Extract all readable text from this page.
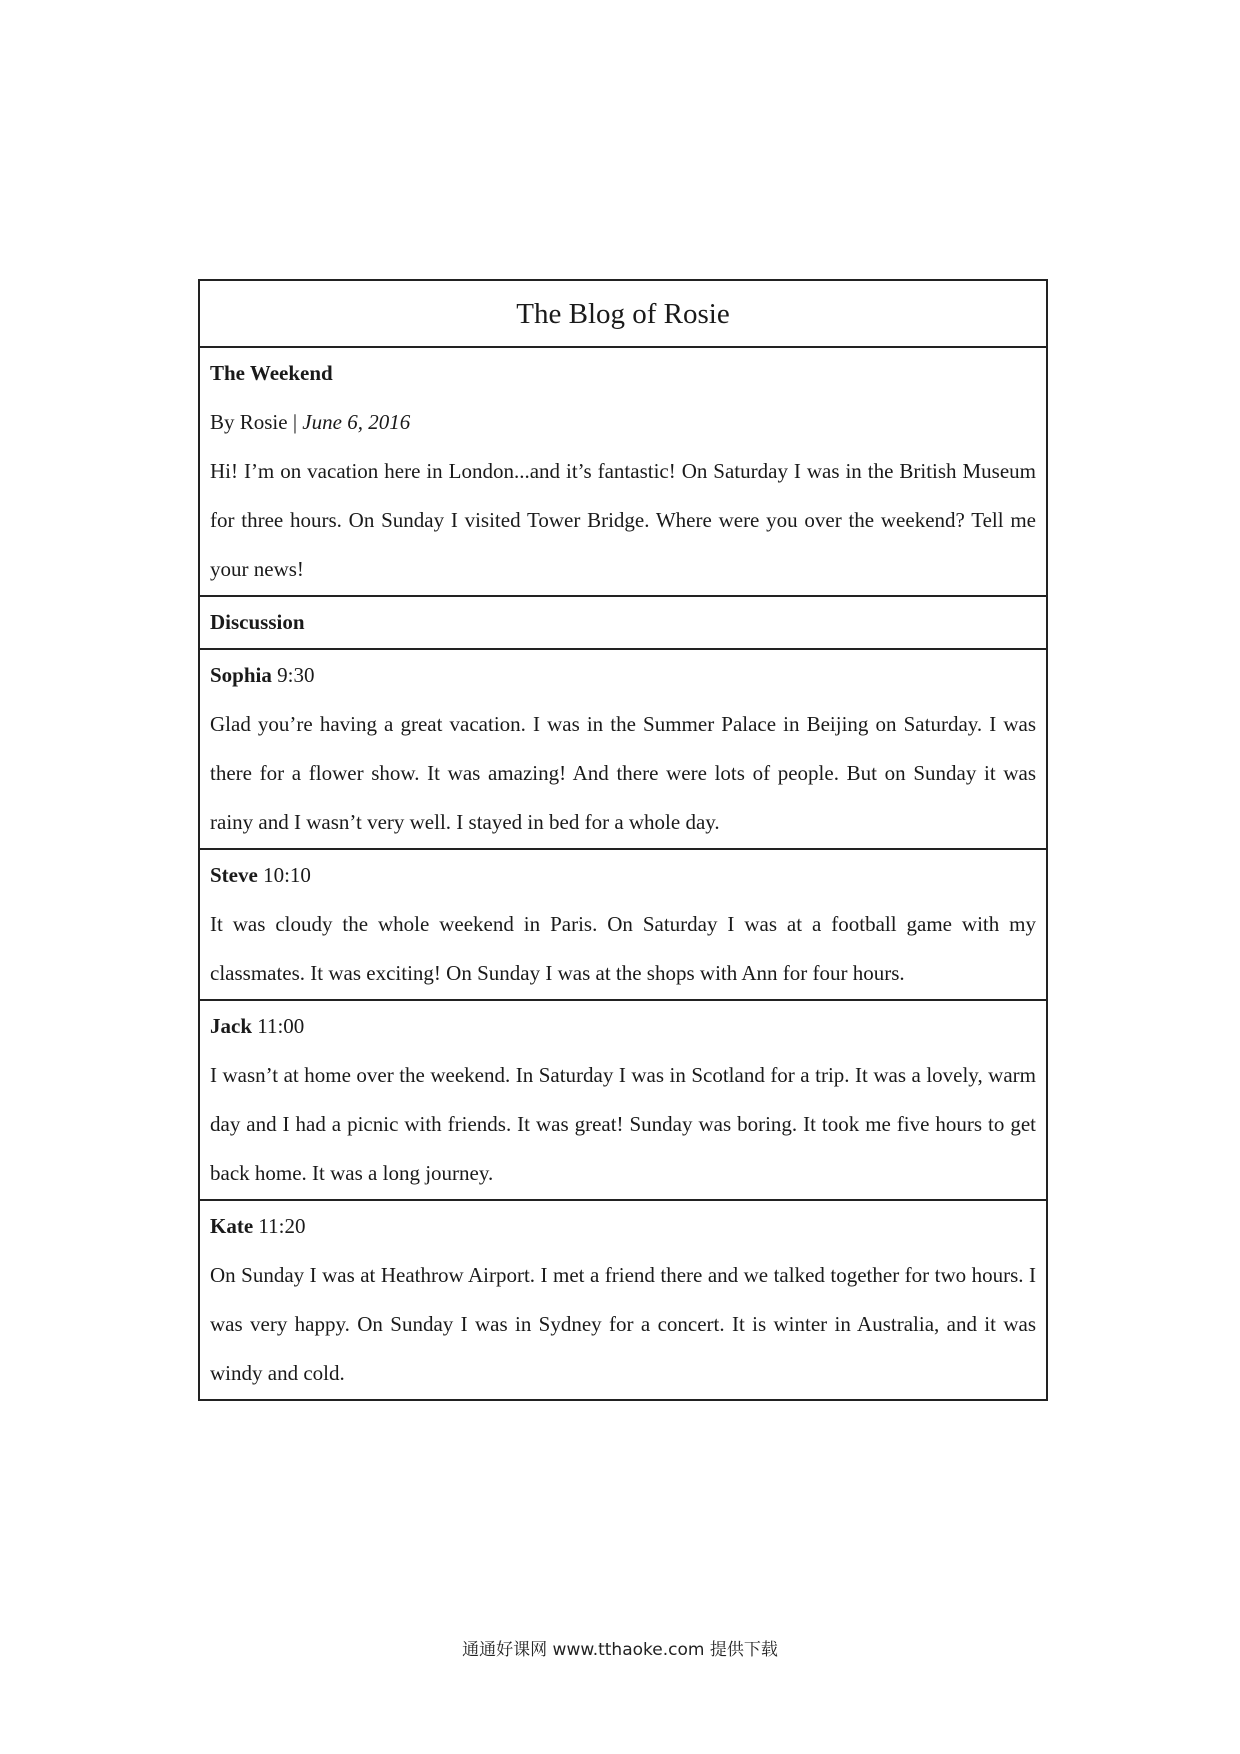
The Blog of Rosie

The Weekend
By Rosie | June 6, 2016
Hi! I’m on vacation here in London...and it’s fantastic! On Saturday I was in the British Museum for three hours. On Sunday I visited Tower Bridge. Where were you over the weekend? Tell me your news!

Discussion

Sophia 9:30
Glad you’re having a great vacation. I was in the Summer Palace in Beijing on Saturday. I was there for a flower show. It was amazing! And there were lots of people. But on Sunday it was rainy and I wasn’t very well. I stayed in bed for a whole day.

Steve 10:10
It was cloudy the whole weekend in Paris. On Saturday I was at a football game with my classmates. It was exciting! On Sunday I was at the shops with Ann for four hours.

Jack 11:00
I wasn’t at home over the weekend. In Saturday I was in Scotland for a trip. It was a lovely, warm day and I had a picnic with friends. It was great! Sunday was boring. It took me five hours to get back home. It was a long journey.

Kate 11:20
On Sunday I was at Heathrow Airport. I met a friend there and we talked together for two hours. I was very happy. On Sunday I was in Sydney for a concert. It is winter in Australia, and it was windy and cold.
通通好课网 www.tthaoke.com 提供下载
